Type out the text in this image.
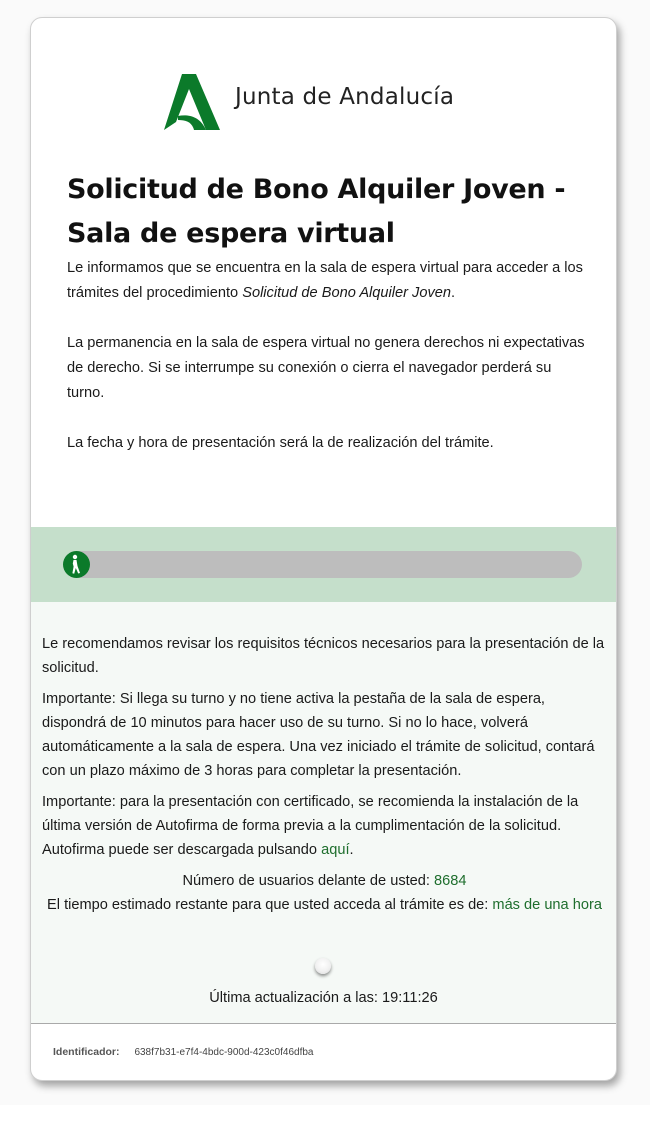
Junta de Andalucía
Solicitud de Bono Alquiler Joven -
Sala de espera virtual

Le informamos que se encuentra en la sala de espera virtual para acceder a los trámites del procedimiento Solicitud de Bono Alquiler Joven.

La permanencia en la sala de espera virtual no genera derechos ni expectativas de derecho. Si se interrumpe su conexión o cierra el navegador perderá su turno.

La fecha y hora de presentación será la de realización del trámite.

Le recomendamos revisar los requisitos técnicos necesarios para la presentación de la solicitud.

Importante: Si llega su turno y no tiene activa la pestaña de la sala de espera, dispondrá de 10 minutos para hacer uso de su turno. Si no lo hace, volverá automáticamente a la sala de espera. Una vez iniciado el trámite de solicitud, contará con un plazo máximo de 3 horas para completar la presentación.

Importante: para la presentación con certificado, se recomienda la instalación de la última versión de Autofirma de forma previa a la cumplimentación de la solicitud. Autofirma puede ser descargada pulsando aquí.

Número de usuarios delante de usted: 8684

El tiempo estimado restante para que usted acceda al trámite es de: más de una hora

Última actualización a las: 19:11:26
Identificador: 638f7b31-e7f4-4bdc-900d-423c0f46dfba
